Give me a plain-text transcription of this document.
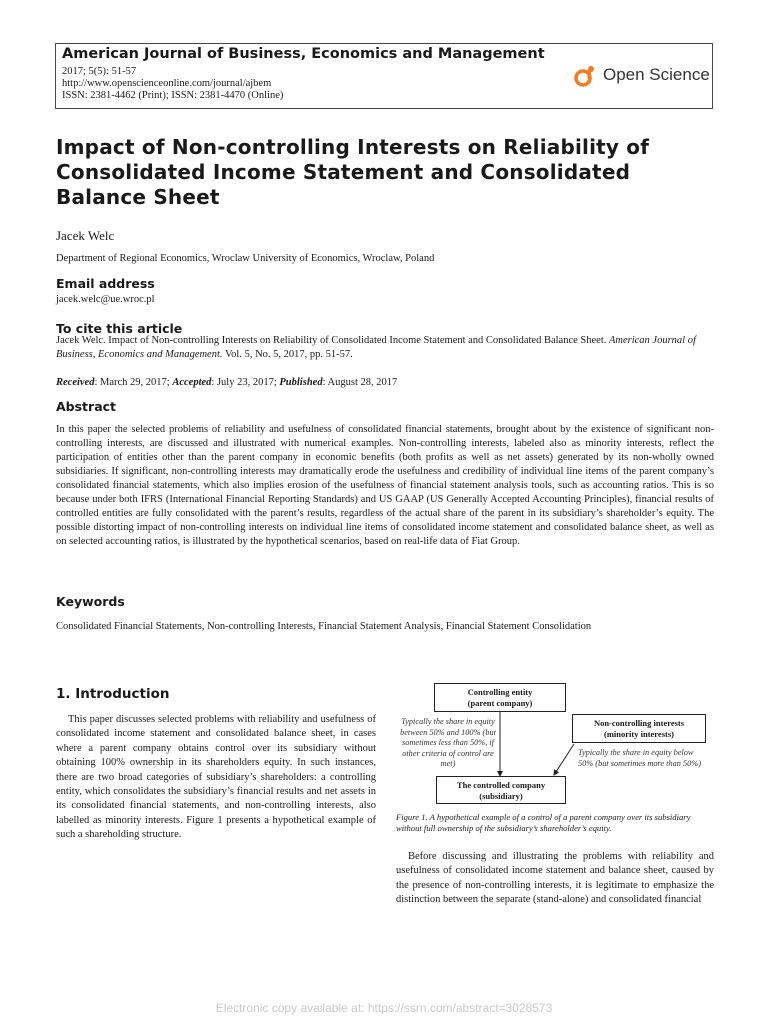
American Journal of Business, Economics and Management
2017; 5(5): 51-57
http://www.openscienceonline.com/journal/ajbem
ISSN: 2381-4462 (Print); ISSN: 2381-4470 (Online)
Open Science
Impact of Non-controlling Interests on Reliability of Consolidated Income Statement and Consolidated Balance Sheet
Jacek Welc
Department of Regional Economics, Wroclaw University of Economics, Wroclaw, Poland
Email address
jacek.welc@ue.wroc.pl
To cite this article
Jacek Welc. Impact of Non-controlling Interests on Reliability of Consolidated Income Statement and Consolidated Balance Sheet. American Journal of Business, Economics and Management. Vol. 5, No. 5, 2017, pp. 51-57.
Received: March 29, 2017; Accepted: July 23, 2017; Published: August 28, 2017
Abstract
In this paper the selected problems of reliability and usefulness of consolidated financial statements, brought about by the existence of significant non-controlling interests, are discussed and illustrated with numerical examples. Non-controlling interests, labeled also as minority interests, reflect the participation of entities other than the parent company in economic benefits (both profits as well as net assets) generated by its non-wholly owned subsidiaries. If significant, non-controlling interests may dramatically erode the usefulness and credibility of individual line items of the parent company’s consolidated financial statements, which also implies erosion of the usefulness of financial statement analysis tools, such as accounting ratios. This is so because under both IFRS (International Financial Reporting Standards) and US GAAP (US Generally Accepted Accounting Principles), financial results of controlled entities are fully consolidated with the parent’s results, regardless of the actual share of the parent in its subsidiary’s shareholder’s equity. The possible distorting impact of non-controlling interests on individual line items of consolidated income statement and consolidated balance sheet, as well as on selected accounting ratios, is illustrated by the hypothetical scenarios, based on real-life data of Fiat Group.
Keywords
Consolidated Financial Statements, Non-controlling Interests, Financial Statement Analysis, Financial Statement Consolidation
1. Introduction
This paper discusses selected problems with reliability and usefulness of consolidated income statement and consolidated balance sheet, in cases where a parent company obtains control over its subsidiary without obtaining 100% ownership in its shareholders equity. In such instances, there are two broad categories of subsidiary’s shareholders: a controlling entity, which consolidates the subsidiary’s financial results and net assets in its consolidated financial statements, and non-controlling interests, also labelled as minority interests. Figure 1 presents a hypothetical example of such a shareholding structure.
Controlling entity
(parent company)
Non-controlling interests
(minority interests)
Typically the share in equity between 50% and 100% (but sometimes less than 50%, if other criteria of control are met)
Typically the share in equity below 50% (but sometimes more than 50%)
The controlled company
(subsidiary)
Figure 1. A hypothetical example of a control of a parent company over its subsidiary without full ownership of the subsidiary’s shareholder’s equity.
Before discussing and illustrating the problems with reliability and usefulness of consolidated income statement and balance sheet, caused by the presence of non-controlling interests, it is legitimate to emphasize the distinction between the separate (stand-alone) and consolidated financial
Electronic copy available at: https://ssrn.com/abstract=3028573
